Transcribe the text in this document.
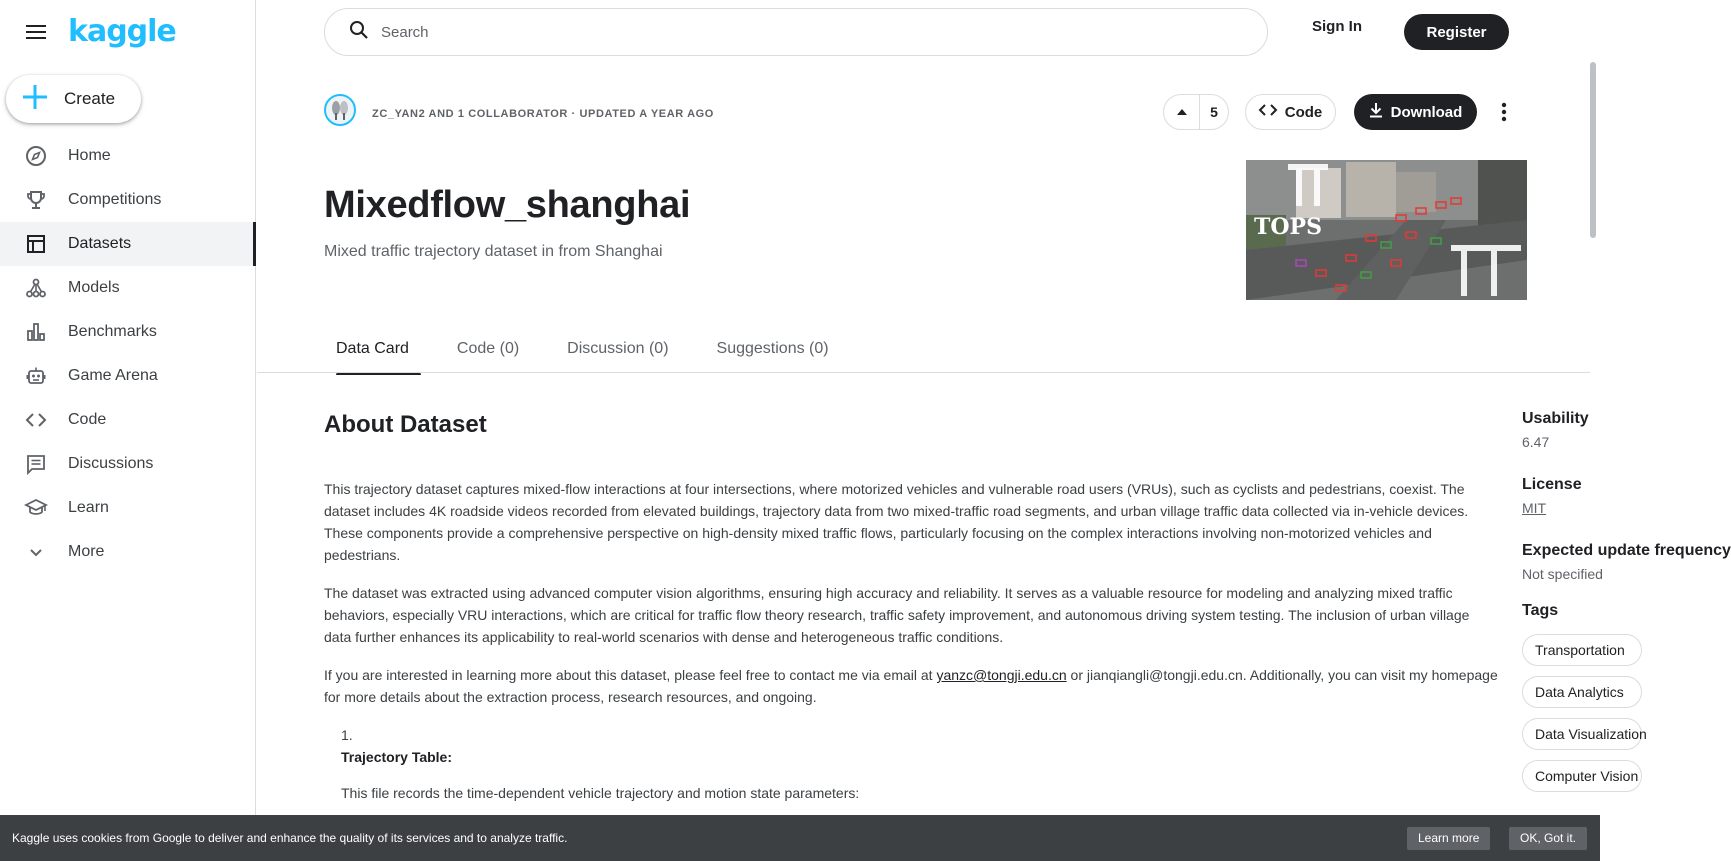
kaggle
Create
Home
Competitions
Datasets
Models
Benchmarks
Game Arena
Code
Discussions
Learn
More
Search
Sign In	Register
ZC_YAN2 AND 1 COLLABORATOR · UPDATED A YEAR AGO	5	Code	Download
Mixedflow_shanghai
Mixed traffic trajectory dataset in from Shanghai
TOPS
Data Card	Code (0)	Discussion (0)	Suggestions (0)
About Dataset

This trajectory dataset captures mixed-flow interactions at four intersections, where motorized vehicles and vulnerable road users (VRUs), such as cyclists and pedestrians, coexist. The dataset includes 4K roadside videos recorded from elevated buildings, trajectory data from two mixed-traffic road segments, and urban village traffic data collected via in-vehicle devices. These components provide a comprehensive perspective on high-density mixed traffic flows, particularly focusing on the complex interactions involving non-motorized vehicles and pedestrians.

The dataset was extracted using advanced computer vision algorithms, ensuring high accuracy and reliability. It serves as a valuable resource for modeling and analyzing mixed traffic behaviors, especially VRU interactions, which are critical for traffic flow theory research, traffic safety improvement, and autonomous driving system testing. The inclusion of urban village data further enhances its applicability to real-world scenarios with dense and heterogeneous traffic conditions.

If you are interested in learning more about this dataset, please feel free to contact me via email at yanzc@tongji.edu.cn or jianqiangli@tongji.edu.cn. Additionally, you can visit my homepage for more details about the extraction process, research resources, and ongoing.

1.
Trajectory Table:
This file records the time-dependent vehicle trajectory and motion state parameters:
Usability
6.47
License
MIT
Expected update frequency
Not specified
Tags
Transportation
Data Analytics
Data Visualization
Computer Vision
Kaggle uses cookies from Google to deliver and enhance the quality of its services and to analyze traffic.	Learn more	OK, Got it.
